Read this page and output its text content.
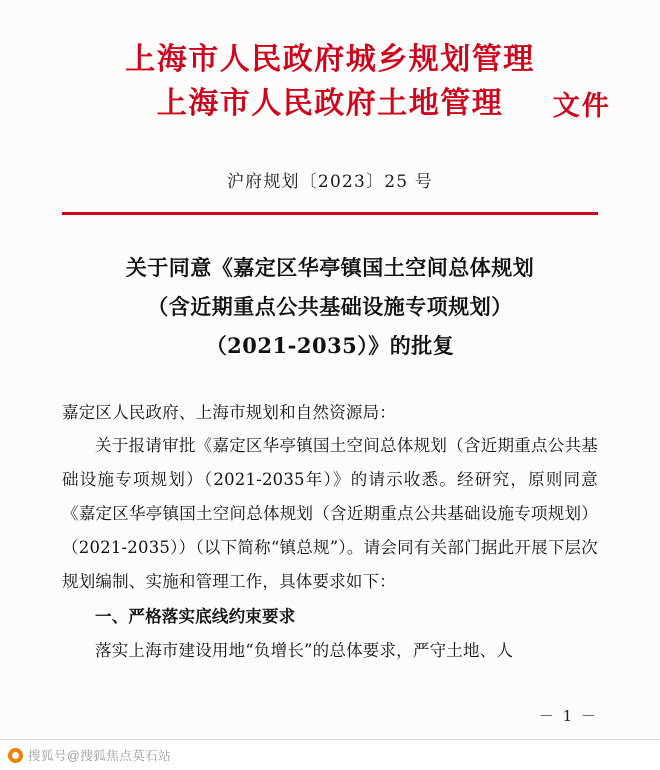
上海市人民政府城乡规划管理
上海市人民政府土地管理	文件
沪府规划〔2023〕25 号
关于同意《嘉定区华亭镇国土空间总体规划
（含近期重点公共基础设施专项规划）
（2021-2035）》的批复
嘉定区人民政府、上海市规划和自然资源局：
关于报请审批《嘉定区华亭镇国土空间总体规划（含近期重点公共基础设施专项规划）（2021-2035年）》的请示收悉。经研究，原则同意《嘉定区华亭镇国土空间总体规划（含近期重点公共基础设施专项规划）（2021-2035））（以下简称“镇总规”）。请会同有关部门据此开展下层次规划编制、实施和管理工作，具体要求如下：
一、严格落实底线约束要求
落实上海市建设用地“负增长”的总体要求，严守土地、人
－ 1 －
搜狐号@搜狐焦点莫石站
